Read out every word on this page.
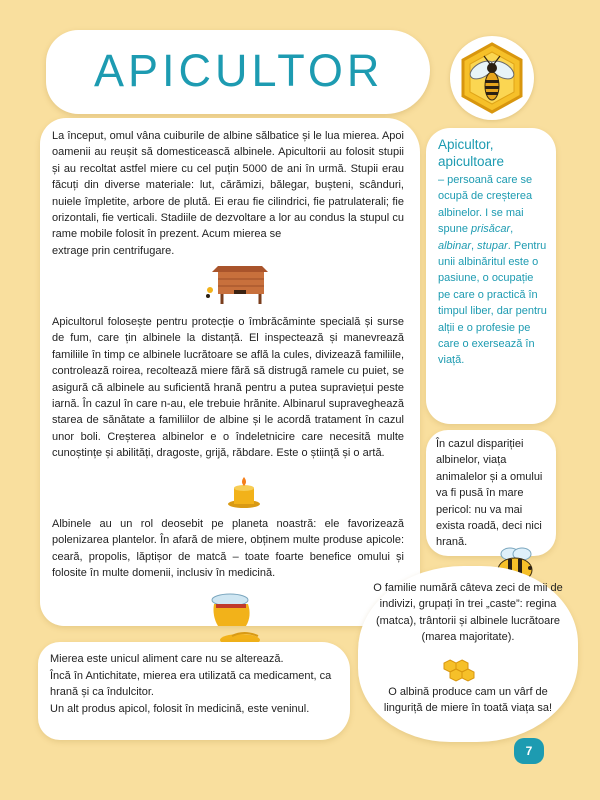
APICULTOR

La început, omul vâna cuiburile de albine sălbatice și le lua mierea. Apoi oamenii au reușit să domesticească albinele. Apicultorii au folosit stupii și au recoltat astfel miere cu cel puțin 5000 de ani în urmă. Stupii erau făcuți din diverse materiale: lut, cărămizi, bălegar, bușteni, scânduri, nuiele împletite, arbore de plută. Ei erau fie cilindrici, fie patrulaterali; fie orizontali, fie verticali. Stadiile de dezvoltare a lor au condus la stupul cu rame mobile folosit în prezent. Acum mierea se
extrage prin centrifugare.

Apicultorul folosește pentru protecție o îmbrăcăminte specială și surse de fum, care țin albinele la distanță. El inspectează și manevrează familiile în timp ce albinele lucrătoare se află la cules, divizează familiile, controlează roirea, recoltează miere fără să distrugă ramele cu puiet, se asigură că albinele au suficientă hrană pentru a putea supraviețui peste iarnă. În cazul în care n-au, ele trebuie hrănite. Albinarul supraveghează starea de sănătate a familiilor de albine și le acordă tratament în cazul unor boli. Creșterea albinelor e o îndeletnicire care necesită multe cunoștințe și abilități, dragoste, grijă, răbdare. Este o știință și o artă.

Albinele au un rol deosebit pe planeta noastră: ele favorizează polenizarea plantelor. În afară de miere, obținem multe produse apicole: ceară, propolis, lăptișor de matcă – toate foarte benefice omului și folosite în multe domenii, inclusiv în medicină.

Mierea este unicul aliment care nu se alterează.
Încă în Antichitate, mierea era utilizată ca medicament, ca hrană și ca îndulcitor.
Un alt produs apicol, folosit în medicină, este veninul.

Apicultor, apicultoare

– persoană care se ocupă de creșterea albinelor. I se mai spune prisăcar, albinar, stupar. Pentru unii albinăritul este o pasiune, o ocupație pe care o practică în timpul liber, dar pentru alții e o profesie pe care o exersează în viață.

În cazul dispariției albinelor, viața animalelor și a omului va fi pusă în mare pericol: nu va mai exista roadă, deci nici hrană.

O familie numără câteva zeci de mii de indivizi, grupați în trei „caste”: regina (matca), trântorii și albinele lucrătoare (marea majoritate).

O albină produce cam un vârf de linguriță de miere în toată viața sa!

7
